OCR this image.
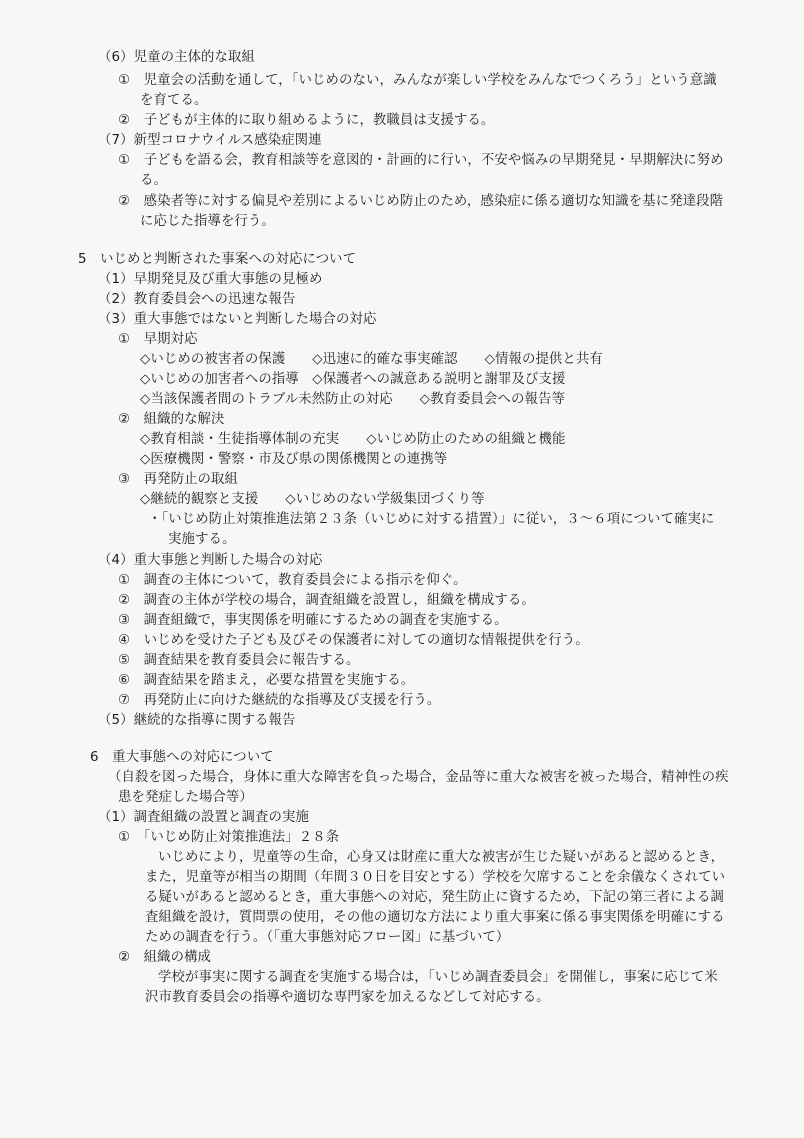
（6）児童の主体的な取組
①　児童会の活動を通して，「いじめのない，みんなが楽しい学校をみんなでつくろう」という意識
を育てる。
②　子どもが主体的に取り組めるように，教職員は支援する。
（7）新型コロナウイルス感染症関連
①　子どもを語る会，教育相談等を意図的・計画的に行い，不安や悩みの早期発見・早期解決に努め
る。
②　感染者等に対する偏見や差別によるいじめ防止のため，感染症に係る適切な知識を基に発達段階
に応じた指導を行う。
5　いじめと判断された事案への対応について
（1）早期発見及び重大事態の見極め
（2）教育委員会への迅速な報告
（3）重大事態ではないと判断した場合の対応
①　早期対応
◇いじめの被害者の保護　　◇迅速に的確な事実確認　　◇情報の提供と共有
◇いじめの加害者への指導　◇保護者への誠意ある説明と謝罪及び支援
◇当該保護者間のトラブル未然防止の対応　　◇教育委員会への報告等
②　組織的な解決
◇教育相談・生徒指導体制の充実　　◇いじめ防止のための組織と機能
◇医療機関・警察・市及び県の関係機関との連携等
③　再発防止の取組
◇継続的観察と支援　　◇いじめのない学級集団づくり等
・「いじめ防止対策推進法第２３条（いじめに対する措置）」に従い，３～６項について確実に
実施する。
（4）重大事態と判断した場合の対応
①　調査の主体について，教育委員会による指示を仰ぐ。
②　調査の主体が学校の場合，調査組織を設置し，組織を構成する。
③　調査組織で，事実関係を明確にするための調査を実施する。
④　いじめを受けた子ども及びその保護者に対しての適切な情報提供を行う。
⑤　調査結果を教育委員会に報告する。
⑥　調査結果を踏まえ，必要な措置を実施する。
⑦　再発防止に向けた継続的な指導及び支援を行う。
（5）継続的な指導に関する報告
6　重大事態への対応について
（自殺を図った場合，身体に重大な障害を負った場合，金品等に重大な被害を被った場合，精神性の疾
患を発症した場合等）
（1）調査組織の設置と調査の実施
①　「いじめ防止対策推進法」２８条
いじめにより，児童等の生命，心身又は財産に重大な被害が生じた疑いがあると認めるとき，
また，児童等が相当の期間（年間３０日を目安とする）学校を欠席することを余儀なくされてい
る疑いがあると認めるとき，重大事態への対応，発生防止に資するため，下記の第三者による調
査組織を設け，質問票の使用，その他の適切な方法により重大事案に係る事実関係を明確にする
ための調査を行う。（「重大事態対応フロー図」に基づいて）
②　組織の構成
学校が事実に関する調査を実施する場合は，「いじめ調査委員会」を開催し，事案に応じて米
沢市教育委員会の指導や適切な専門家を加えるなどして対応する。
